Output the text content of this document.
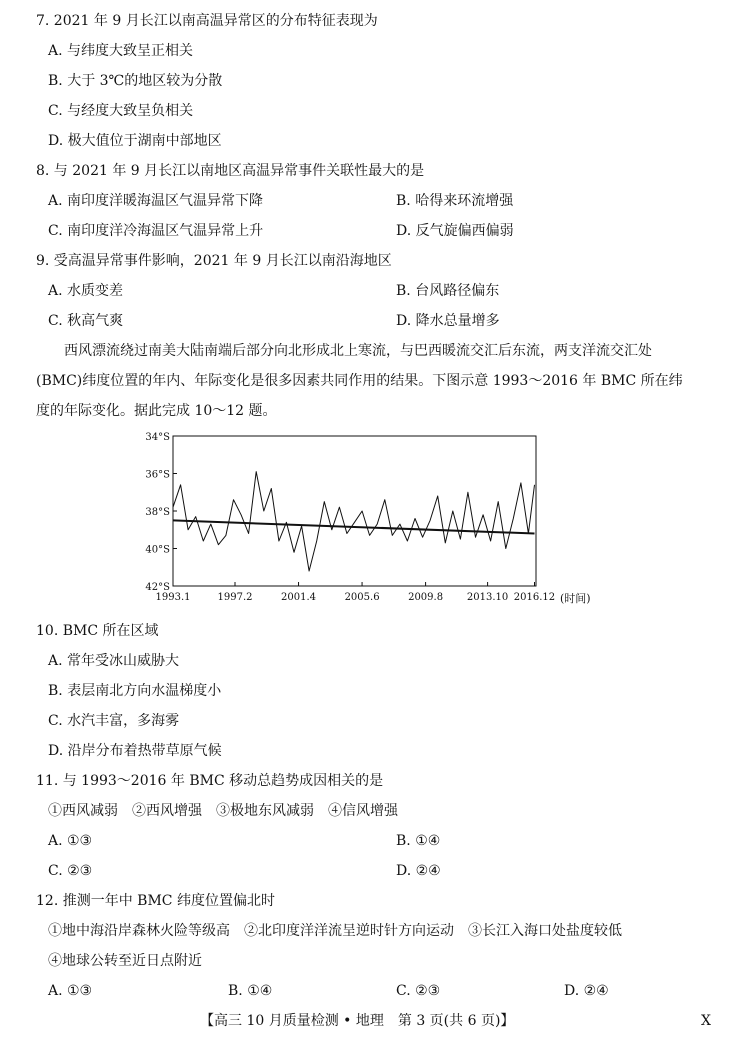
7. 2021 年 9 月长江以南高温异常区的分布特征表现为
A. 与纬度大致呈正相关
B. 大于 3℃的地区较为分散
C. 与经度大致呈负相关
D. 极大值位于湖南中部地区
8. 与 2021 年 9 月长江以南地区高温异常事件关联性最大的是
A. 南印度洋暖海温区气温异常下降	B. 哈得来环流增强
C. 南印度洋冷海温区气温异常上升	D. 反气旋偏西偏弱
9. 受高温异常事件影响，2021 年 9 月长江以南沿海地区
A. 水质变差	B. 台风路径偏东
C. 秋高气爽	D. 降水总量增多
西风漂流绕过南美大陆南端后部分向北形成北上寒流，与巴西暖流交汇后东流，两支洋流交汇处
(BMC)纬度位置的年内、年际变化是很多因素共同作用的结果。下图示意 1993～2016 年 BMC 所在纬
度的年际变化。据此完成 10～12 题。
34°S
36°S
38°S
40°S
42°S
1993.1	1997.2	2001.4	2005.6	2009.8 2013.10 2016.12 (时间)
10. BMC 所在区域
A. 常年受冰山威胁大
B. 表层南北方向水温梯度小
C. 水汽丰富，多海雾
D. 沿岸分布着热带草原气候
11. 与 1993～2016 年 BMC 移动总趋势成因相关的是
①西风减弱　②西风增强　③极地东风减弱　④信风增强
A. ①③	B. ①④
C. ②③	D. ②④
12. 推测一年中 BMC 纬度位置偏北时
①地中海沿岸森林火险等级高　②北印度洋洋流呈逆时针方向运动　③长江入海口处盐度较低
④地球公转至近日点附近
A. ①③	B. ①④	C. ②③	D. ②④
【高三 10 月质量检测 • 地理　第 3 页(共 6 页)】	X
